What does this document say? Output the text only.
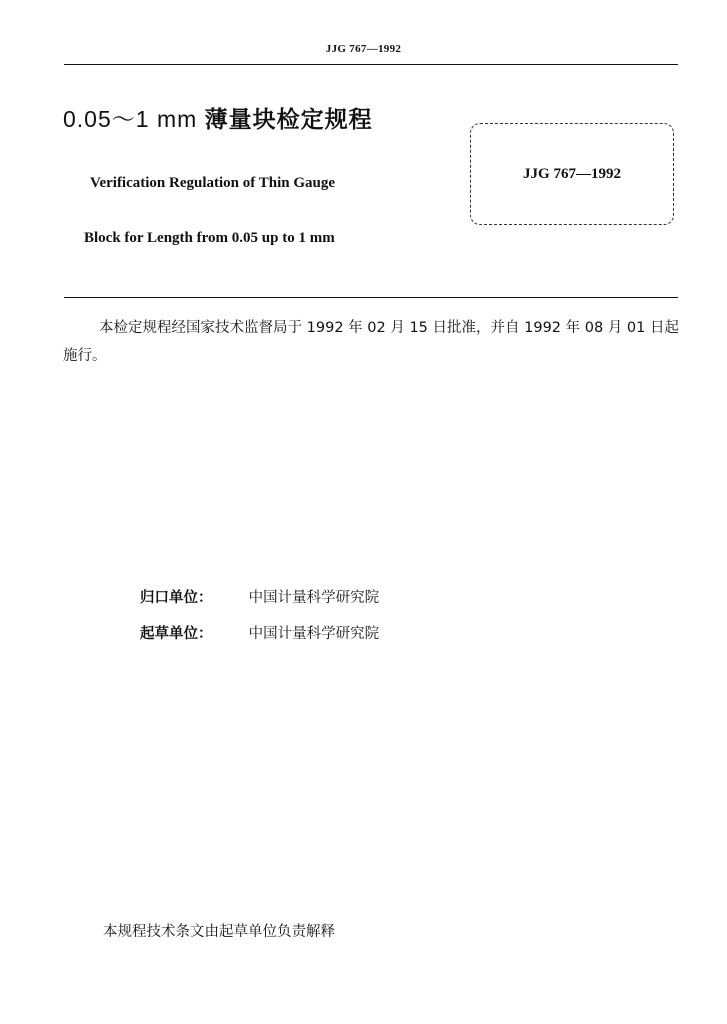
JJG 767—1992
0.05～1 mm 薄量块检定规程
Verification Regulation of Thin Gauge
Block for Length from 0.05 up to 1 mm
JJG 767—1992
本检定规程经国家技术监督局于 1992 年 02 月 15 日批准，并自 1992 年 08 月 01 日起施行。
归口单位： 中国计量科学研究院
起草单位： 中国计量科学研究院
本规程技术条文由起草单位负责解释
